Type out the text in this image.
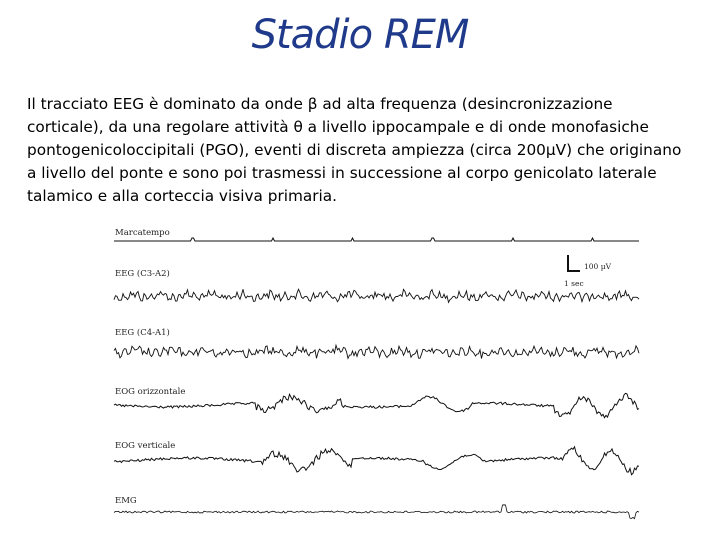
Stadio REM
Il tracciato EEG è dominato da onde β ad alta frequenza (desincronizzazione
corticale), da una regolare attività θ a livello ippocampale e di onde monofasiche
pontogenicoloccipitali (PGO), eventi di discreta ampiezza (circa 200µV) che originano
a livello del ponte e sono poi trasmessi in successione al corpo genicolato laterale
talamico e alla corteccia visiva primaria.
Marcatempo
EEG (C3-A2)
EEG (C4-A1)
EOG orizzontale
EOG verticale
EMG
100 µV
1 sec
